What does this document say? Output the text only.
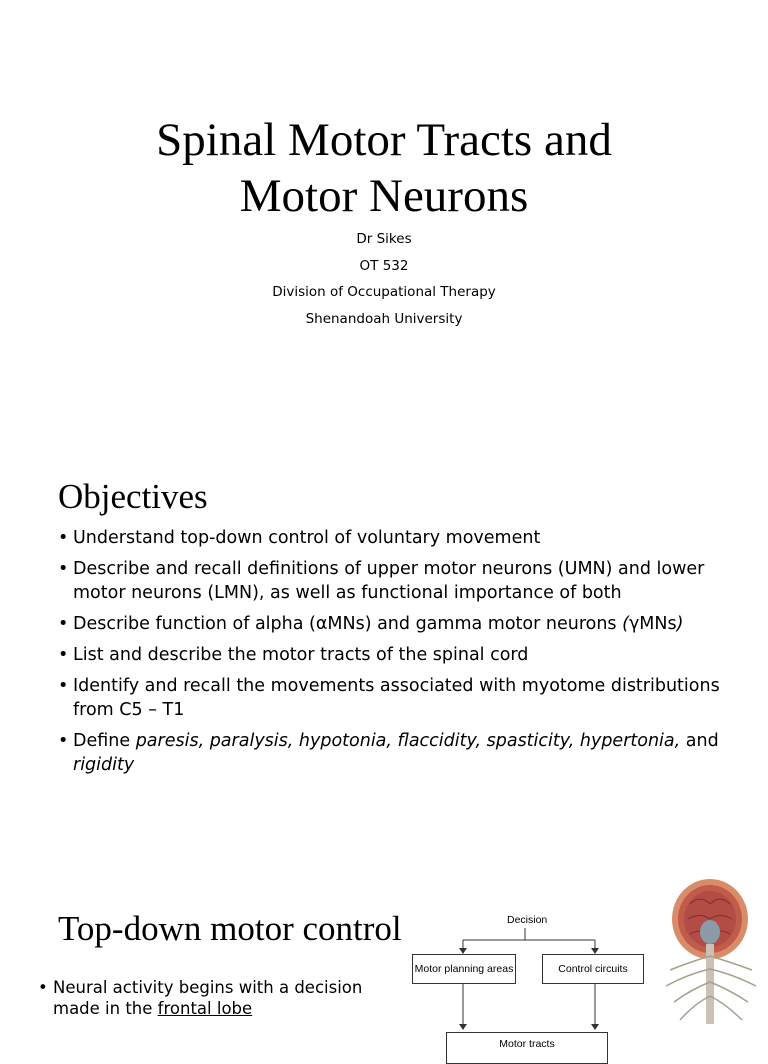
Spinal Motor Tracts and
Motor Neurons
Dr Sikes
OT 532
Division of Occupational Therapy
Shenandoah University
Objectives
• Understand top-down control of voluntary movement
• Describe and recall definitions of upper motor neurons (UMN) and lower motor neurons (LMN), as well as functional importance of both
• Describe function of alpha (αMNs) and gamma motor neurons (γMNs)
• List and describe the motor tracts of the spinal cord
• Identify and recall the movements associated with myotome distributions from C5 – T1
• Define paresis, paralysis, hypotonia, flaccidity, spasticity, hypertonia, and rigidity
Top-down motor control
• Neural activity begins with a decision made in the frontal lobe
Decision
Motor planning areas	Control circuits
Motor tracts
